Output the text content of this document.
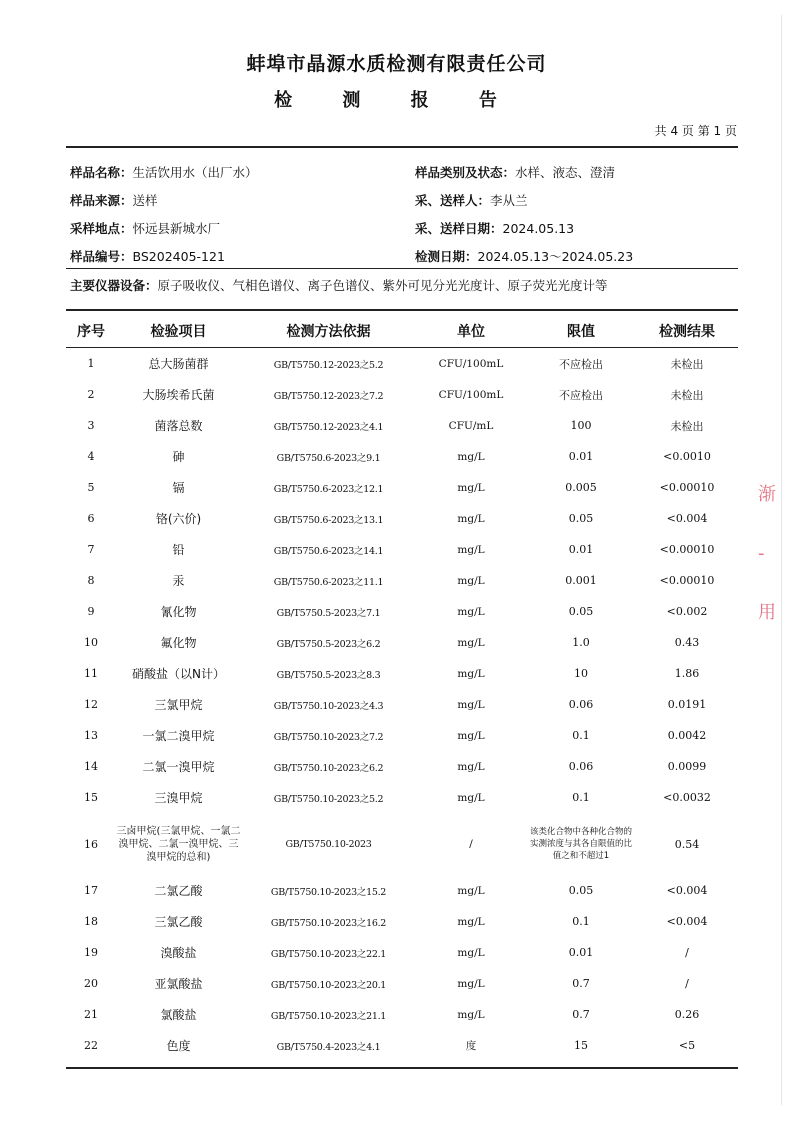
蚌埠市晶源水质检测有限责任公司
检 测 报 告
共 4 页 第 1 页
样品名称：生活饮用水（出厂水）	样品类别及状态：水样、液态、澄清
样品来源：送样	采、送样人：李从兰
采样地点：怀远县新城水厂	采、送样日期：2024.05.13
样品编号：BS202405-121	检测日期：2024.05.13～2024.05.23
主要仪器设备：原子吸收仪、气相色谱仪、离子色谱仪、紫外可见分光光度计、原子荧光光度计等
序号	检验项目	检测方法依据	单位	限值	检测结果
1	总大肠菌群	GB/T5750.12-2023之5.2	CFU/100mL	不应检出	未检出
2	大肠埃希氏菌	GB/T5750.12-2023之7.2	CFU/100mL	不应检出	未检出
3	菌落总数	GB/T5750.12-2023之4.1	CFU/mL	100	未检出
4	砷	GB/T5750.6-2023之9.1	mg/L	0.01	<0.0010
5	镉	GB/T5750.6-2023之12.1	mg/L	0.005	<0.00010
6	铬(六价)	GB/T5750.6-2023之13.1	mg/L	0.05	<0.004
7	铅	GB/T5750.6-2023之14.1	mg/L	0.01	<0.00010
8	汞	GB/T5750.6-2023之11.1	mg/L	0.001	<0.00010
9	氰化物	GB/T5750.5-2023之7.1	mg/L	0.05	<0.002
10	氟化物	GB/T5750.5-2023之6.2	mg/L	1.0	0.43
11	硝酸盐（以N计）	GB/T5750.5-2023之8.3	mg/L	10	1.86
12	三氯甲烷	GB/T5750.10-2023之4.3	mg/L	0.06	0.0191
13	一氯二溴甲烷	GB/T5750.10-2023之7.2	mg/L	0.1	0.0042
14	二氯一溴甲烷	GB/T5750.10-2023之6.2	mg/L	0.06	0.0099
15	三溴甲烷	GB/T5750.10-2023之5.2	mg/L	0.1	<0.0032
16	三卤甲烷(三氯甲烷、一氯二溴甲烷、二氯一溴甲烷、三溴甲烷的总和)	GB/T5750.10-2023	/	该类化合物中各种化合物的实测浓度与其各自限值的比值之和不超过1	0.54
17	二氯乙酸	GB/T5750.10-2023之15.2	mg/L	0.05	<0.004
18	三氯乙酸	GB/T5750.10-2023之16.2	mg/L	0.1	<0.004
19	溴酸盐	GB/T5750.10-2023之22.1	mg/L	0.01	/
20	亚氯酸盐	GB/T5750.10-2023之20.1	mg/L	0.7	/
21	氯酸盐	GB/T5750.10-2023之21.1	mg/L	0.7	0.26
22	色度	GB/T5750.4-2023之4.1	度	15	<5
渐
-
用
